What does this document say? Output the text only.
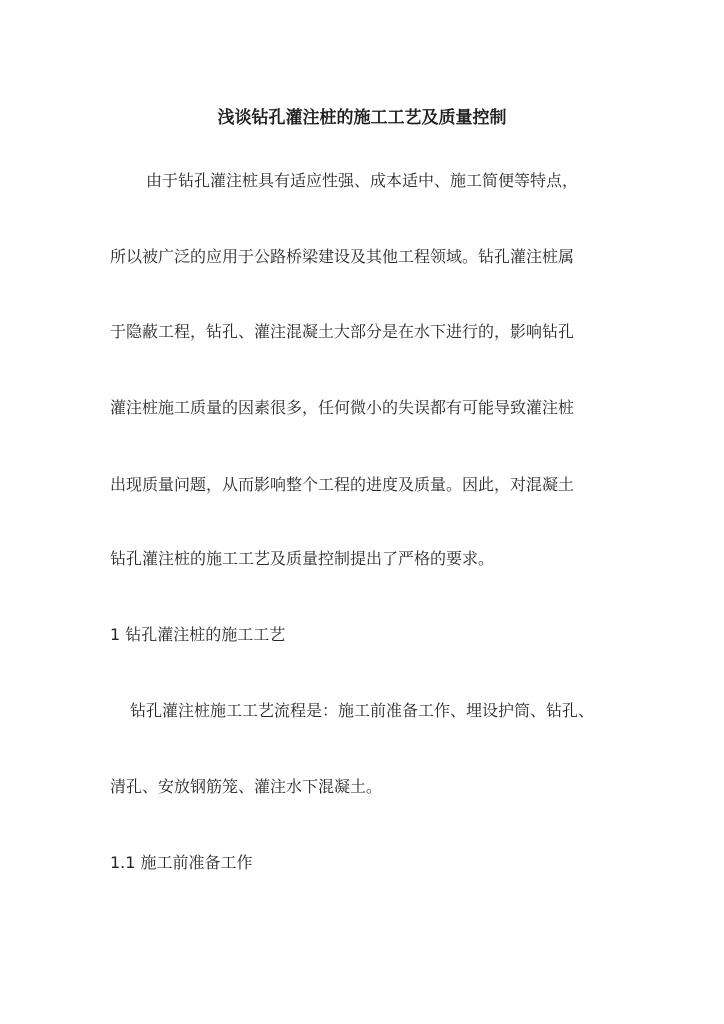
浅谈钻孔灌注桩的施工工艺及质量控制
由于钻孔灌注桩具有适应性强、成本适中、施工简便等特点，
所以被广泛的应用于公路桥梁建设及其他工程领域。钻孔灌注桩属
于隐蔽工程，钻孔、灌注混凝土大部分是在水下进行的，影响钻孔
灌注桩施工质量的因素很多，任何微小的失误都有可能导致灌注桩
出现质量问题，从而影响整个工程的进度及质量。因此，对混凝土
钻孔灌注桩的施工工艺及质量控制提出了严格的要求。
1 钻孔灌注桩的施工工艺
钻孔灌注桩施工工艺流程是：施工前准备工作、埋设护筒、钻孔、
清孔、安放钢筋笼、灌注水下混凝土。
1.1 施工前准备工作
